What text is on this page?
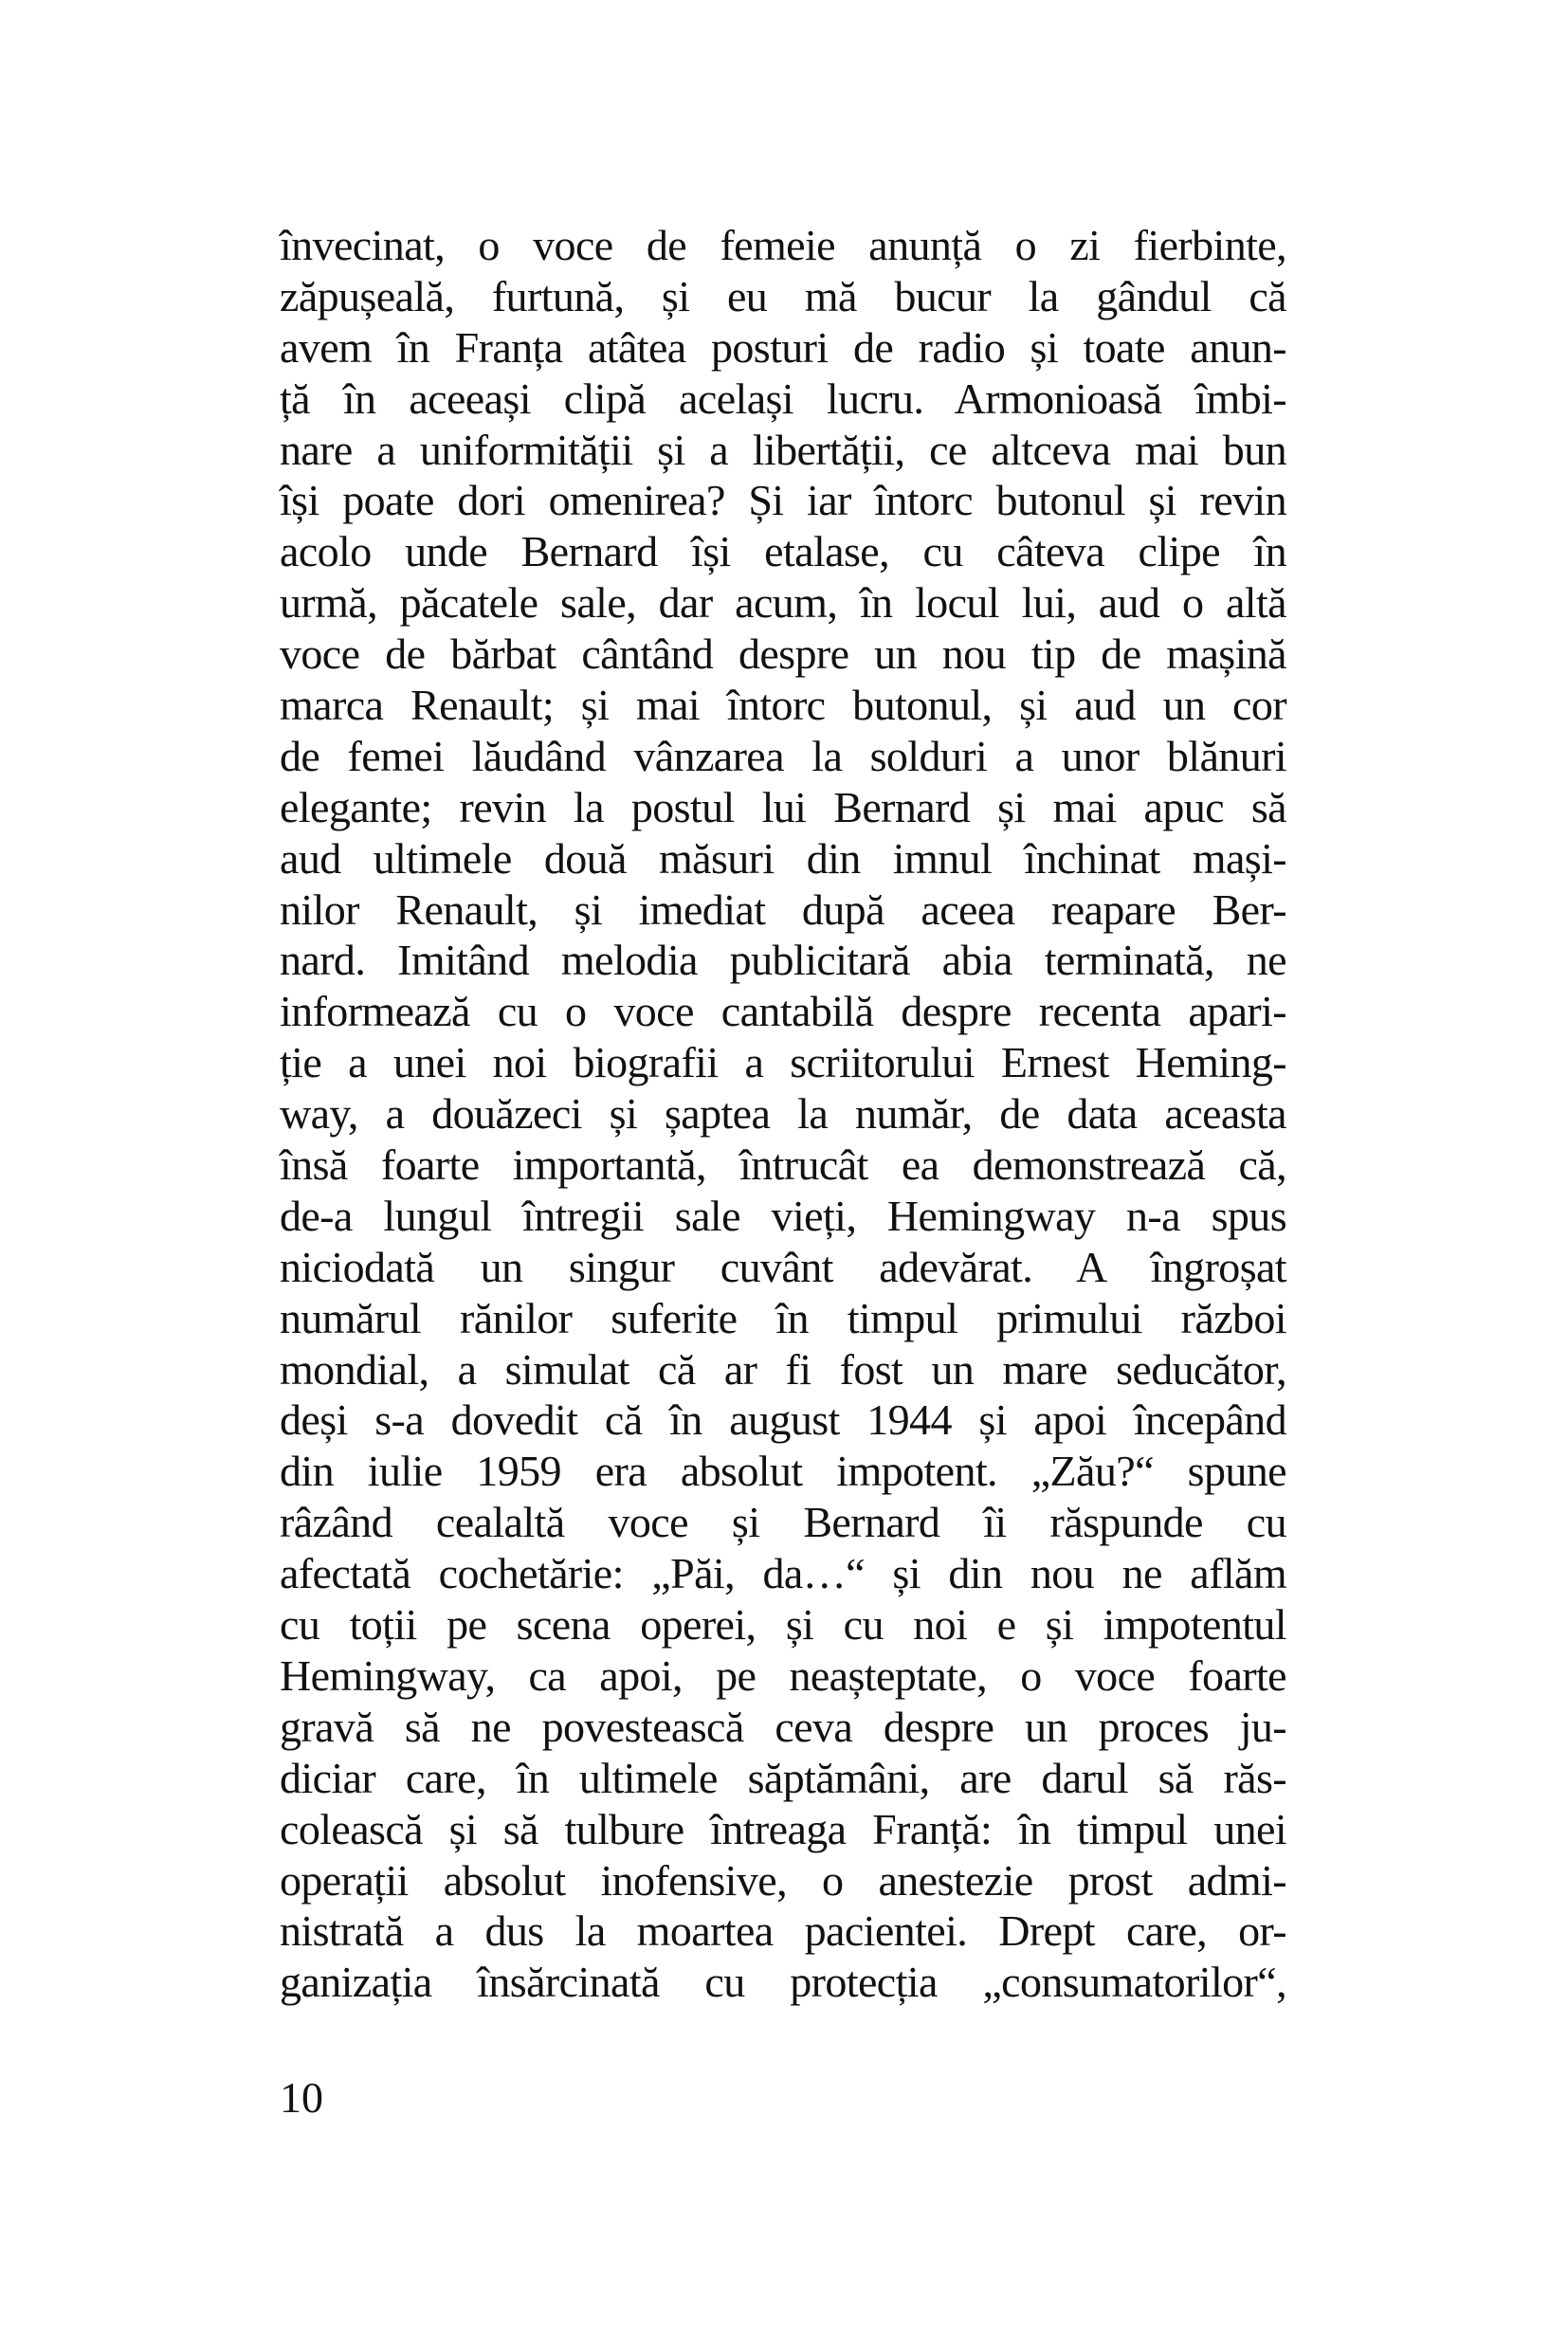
învecinat, o voce de femeie anunță o zi fierbinte,
zăpușeală, furtună, și eu mă bucur la gândul că
avem în Franța atâtea posturi de radio și toate anun-
ță în aceeași clipă același lucru. Armonioasă îmbi-
nare a uniformității și a libertății, ce altceva mai bun
își poate dori omenirea? Și iar întorc butonul și revin
acolo unde Bernard își etalase, cu câteva clipe în
urmă, păcatele sale, dar acum, în locul lui, aud o altă
voce de bărbat cântând despre un nou tip de mașină
marca Renault; și mai întorc butonul, și aud un cor
de femei lăudând vânzarea la solduri a unor blănuri
elegante; revin la postul lui Bernard și mai apuc să
aud ultimele două măsuri din imnul închinat mași-
nilor Renault, și imediat după aceea reapare Ber-
nard. Imitând melodia publicitară abia terminată, ne
informează cu o voce cantabilă despre recenta apari-
ție a unei noi biografii a scriitorului Ernest Heming-
way, a douăzeci și șaptea la număr, de data aceasta
însă foarte importantă, întrucât ea demonstrează că,
de-a lungul întregii sale vieți, Hemingway n-a spus
niciodată un singur cuvânt adevărat. A îngroșat
numărul rănilor suferite în timpul primului război
mondial, a simulat că ar fi fost un mare seducător,
deși s-a dovedit că în august 1944 și apoi începând
din iulie 1959 era absolut impotent. „Zău?“ spune
râzând cealaltă voce și Bernard îi răspunde cu
afectată cochetărie: „Păi, da…“ și din nou ne aflăm
cu toții pe scena operei, și cu noi e și impotentul
Hemingway, ca apoi, pe neașteptate, o voce foarte
gravă să ne povestească ceva despre un proces ju-
diciar care, în ultimele săptămâni, are darul să răs-
colească și să tulbure întreaga Franță: în timpul unei
operații absolut inofensive, o anestezie prost admi-
nistrată a dus la moartea pacientei. Drept care, or-
ganizația însărcinată cu protecția „consumatorilor“,
10
